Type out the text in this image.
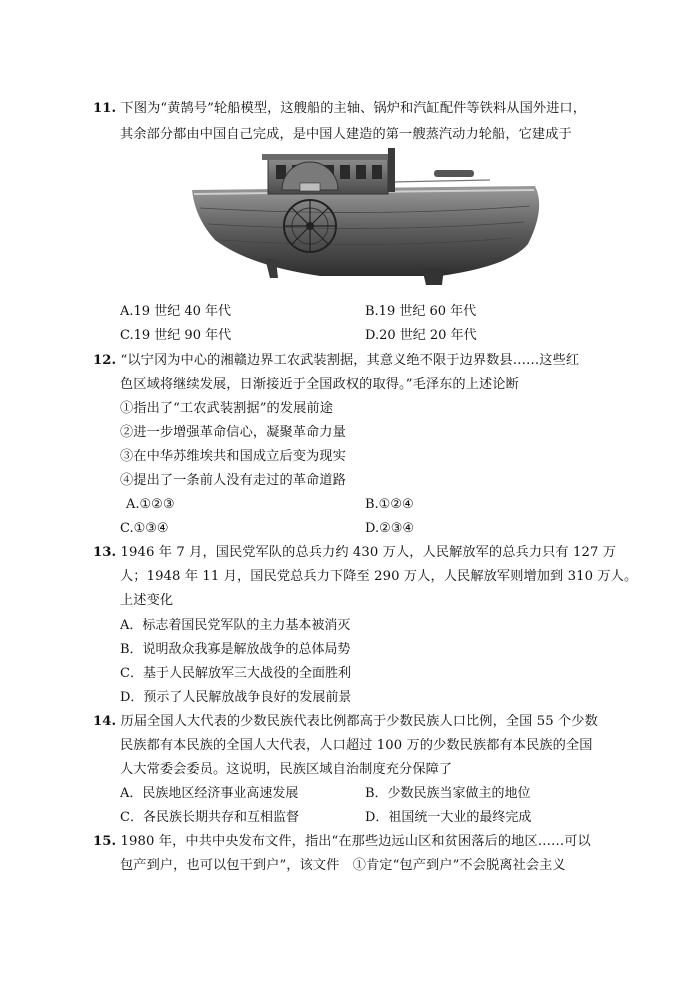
11. 下图为“黄鹄号”轮船模型，这艘船的主轴、锅炉和汽缸配件等铁料从国外进口，
其余部分都由中国自己完成，是中国人建造的第一艘蒸汽动力轮船，它建成于
A.19 世纪 40 年代	B.19 世纪 60 年代
C.19 世纪 90 年代	D.20 世纪 20 年代
12. “以宁冈为中心的湘赣边界工农武装割据，其意义绝不限于边界数县……这些红
色区域将继续发展，日渐接近于全国政权的取得。”毛泽东的上述论断
①指出了“工农武装割据”的发展前途
②进一步增强革命信心，凝聚革命力量
③在中华苏维埃共和国成立后变为现实
④提出了一条前人没有走过的革命道路
A.①②③	B.①②④
C.①③④	D.②③④
13. 1946 年 7 月，国民党军队的总兵力约 430 万人，人民解放军的总兵力只有 127 万
人；1948 年 11 月，国民党总兵力下降至 290 万人，人民解放军则增加到 310 万人。
上述变化
A．标志着国民党军队的主力基本被消灭
B．说明敌众我寡是解放战争的总体局势
C．基于人民解放军三大战役的全面胜利
D．预示了人民解放战争良好的发展前景
14. 历届全国人大代表的少数民族代表比例都高于少数民族人口比例，全国 55 个少数
民族都有本民族的全国人大代表，人口超过 100 万的少数民族都有本民族的全国
人大常委会委员。这说明，民族区域自治制度充分保障了
A．民族地区经济事业高速发展	B．少数民族当家做主的地位
C．各民族长期共存和互相监督	D．祖国统一大业的最终完成
15. 1980 年，中共中央发布文件，指出“在那些边远山区和贫困落后的地区……可以
包产到户，也可以包干到户”，该文件　①肯定“包产到户”不会脱离社会主义
